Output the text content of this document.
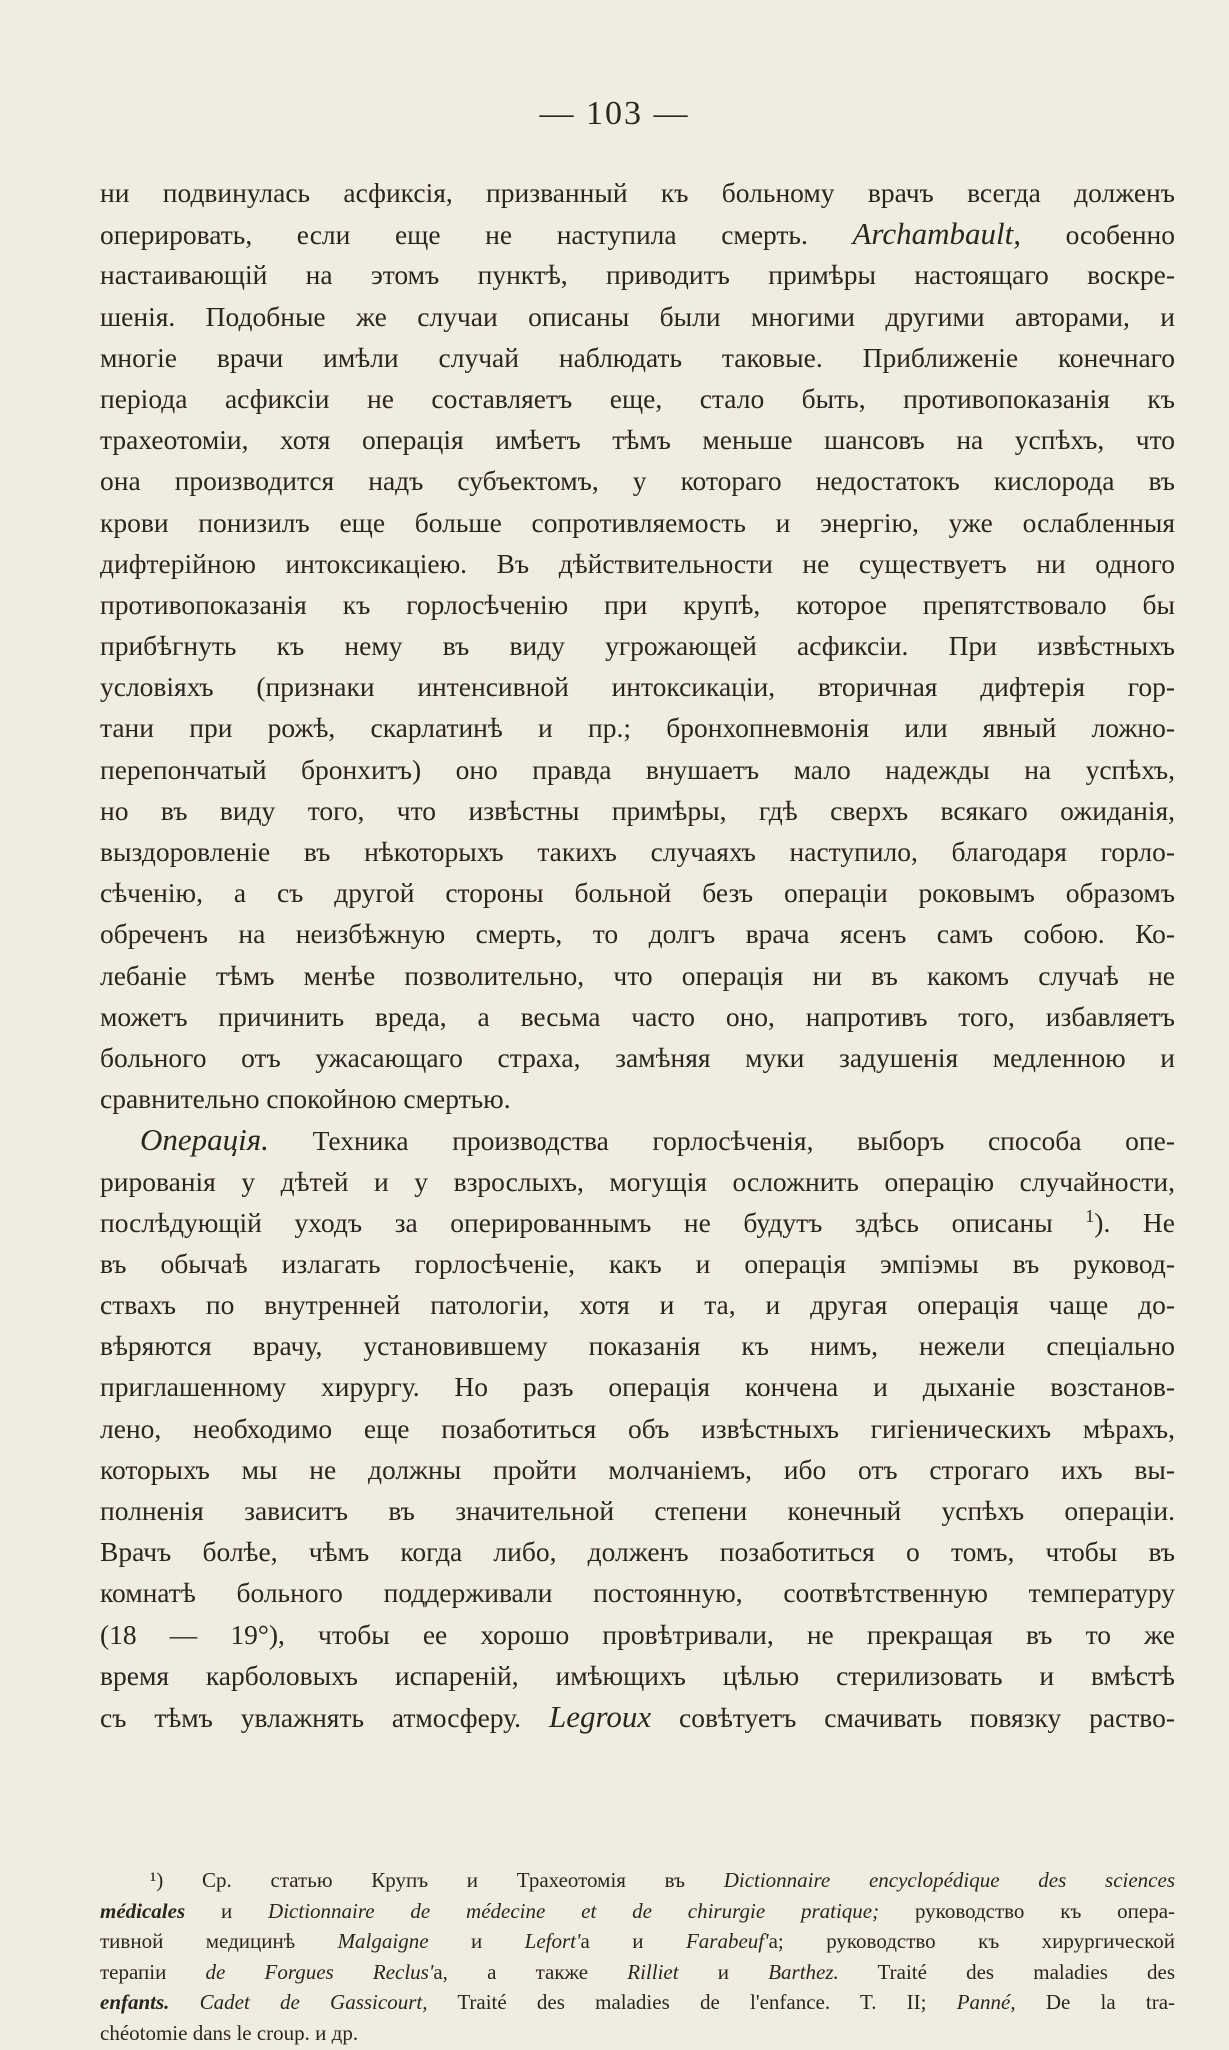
— 103 —
ни подвинулась асфиксія, призванный къ больному врачъ всегда долженъ
оперировать, если еще не наступила смерть. Archambault, особенно
настаивающій на этомъ пунктѣ, приводитъ примѣры настоящаго воскре-
шенія. Подобные же случаи описаны были многими другими авторами, и
многіе врачи имѣли случай наблюдать таковые. Приближеніе конечнаго
періода асфиксіи не составляетъ еще, стало быть, противопоказанія къ
трахеотоміи, хотя операція имѣетъ тѣмъ меньше шансовъ на успѣхъ, что
она производится надъ субъектомъ, у котораго недостатокъ кислорода въ
крови понизилъ еще больше сопротивляемость и энергію, уже ослабленныя
дифтерійною интоксикаціею. Въ дѣйствительности не существуетъ ни одного
противопоказанія къ горлосѣченію при крупѣ, которое препятствовало бы
прибѣгнуть къ нему въ виду угрожающей асфиксіи. При извѣстныхъ
условіяхъ (признаки интенсивной интоксикаціи, вторичная дифтерія гор-
тани при рожѣ, скарлатинѣ и пр.; бронхопневмонія или явный ложно-
перепончатый бронхитъ) оно правда внушаетъ мало надежды на успѣхъ,
но въ виду того, что извѣстны примѣры, гдѣ сверхъ всякаго ожиданія,
выздоровленіе въ нѣкоторыхъ такихъ случаяхъ наступило, благодаря горло-
сѣченію, а съ другой стороны больной безъ операціи роковымъ образомъ
обреченъ на неизбѣжную смерть, то долгъ врача ясенъ самъ собою. Ко-
лебаніе тѣмъ менѣе позволительно, что операція ни въ какомъ случаѣ не
можетъ причинить вреда, а весьма часто оно, напротивъ того, избавляетъ
больного отъ ужасающаго страха, замѣняя муки задушенія медленною и
сравнительно спокойною смертью.
Операція. Техника производства горлосѣченія, выборъ способа опе-
рированія у дѣтей и у взрослыхъ, могущія осложнить операцію случайности,
послѣдующій уходъ за оперированнымъ не будутъ здѣсь описаны $^1$). Не
въ обычаѣ излагать горлосѣченіе, какъ и операція эмпіэмы въ руковод-
ствахъ по внутренней патологіи, хотя и та, и другая операція чаще до-
вѣряются врачу, установившему показанія къ нимъ, нежели спеціально
приглашенному хирургу. Но разъ операція кончена и дыханіе возстанов-
лено, необходимо еще позаботиться объ извѣстныхъ гигіеническихъ мѣрахъ,
которыхъ мы не должны пройти молчаніемъ, ибо отъ строгаго ихъ вы-
полненія зависитъ въ значительной степени конечный успѣхъ операціи.
Врачъ болѣе, чѣмъ когда либо, долженъ позаботиться о томъ, чтобы въ
комнатѣ больного поддерживали постоянную, соотвѣтственную температуру
(18 — 19°), чтобы ее хорошо провѣтривали, не прекращая въ то же
время карболовыхъ испареній, имѣющихъ цѣлью стерилизовать и вмѣстѣ
съ тѣмъ увлажнять атмосферу. Legroux совѣтуетъ смачивать повязку раство-
¹) Ср. статью Крупъ и Трахеотомія въ Dictionnaire encyclopédique des sciences
médicales и Dictionnaire de médecine et de chirurgie pratique; руководство къ опера-
тивной медицинѣ Malgaigne и Lefort'а и Farabeuf'а; руководство къ хирургической
терапіи de Forgues Reclus'а, а также Rilliet и Barthez. Traité des maladies des
enfants. Cadet de Gassicourt, Traité des maladies de l'enfance. T. II; Panné, De la tra-
chéotomie dans le croup. и др.
